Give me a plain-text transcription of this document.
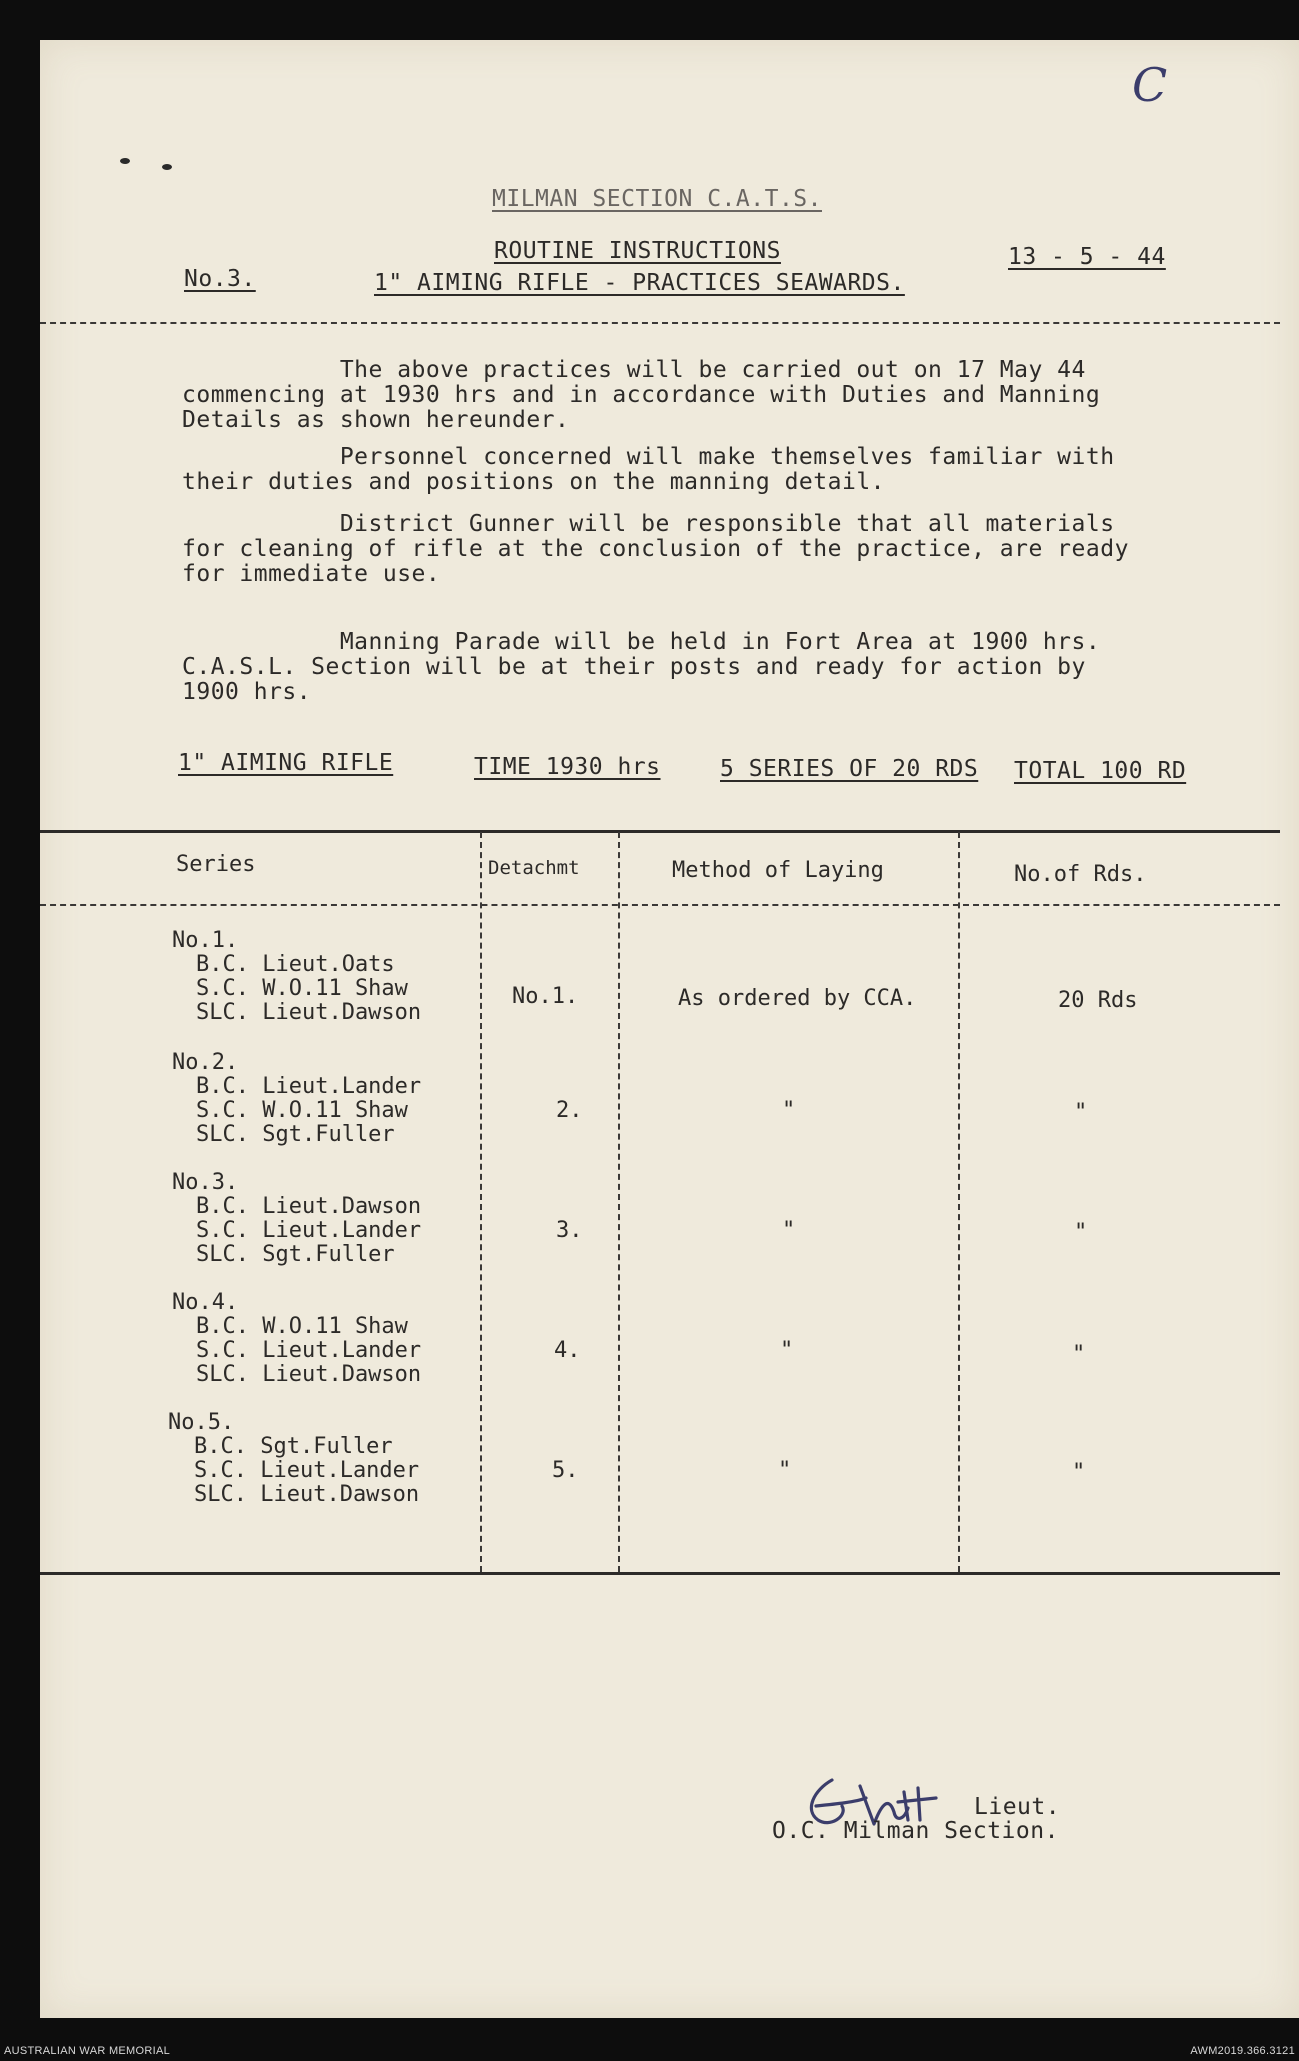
C
MILMAN SECTION C.A.T.S.
ROUTINE INSTRUCTIONS	13 - 5 - 44
No.3.	1" AIMING RIFLE - PRACTICES SEAWARDS.
The above practices will be carried out on 17 May 44
commencing at 1930 hrs and in accordance with Duties and Manning
Details as shown hereunder.
Personnel concerned will make themselves familiar with
their duties and positions on the manning detail.
District Gunner will be responsible that all materials
for cleaning of rifle at the conclusion of the practice, are ready
for immediate use.
Manning Parade will be held in Fort Area at 1900 hrs.
C.A.S.L. Section will be at their posts and ready for action by
1900 hrs.
1" AIMING RIFLE	TIME 1930 hrs	5 SERIES OF 20 RDS TOTAL 100 RD
Series	Detachmt	Method of Laying	No.of Rds.
No.1.
B.C. Lieut.Oats
S.C. W.O.11 Shaw
SLC. Lieut.Dawson
No.1.	As ordered by CCA.	20 Rds
No.2.
B.C. Lieut.Lander
S.C. W.O.11 Shaw
SLC. Sgt.Fuller
2.	"	"
No.3.
B.C. Lieut.Dawson
S.C. Lieut.Lander
SLC. Sgt.Fuller
3.	"	"
No.4.
B.C. W.O.11 Shaw
S.C. Lieut.Lander
SLC. Lieut.Dawson
4.	"	"
No.5.
B.C. Sgt.Fuller
S.C. Lieut.Lander
SLC. Lieut.Dawson
5.	"	"
Lieut.
O.C. Milman Section.
AUSTRALIAN WAR MEMORIAL	AWM2019.366.3121
